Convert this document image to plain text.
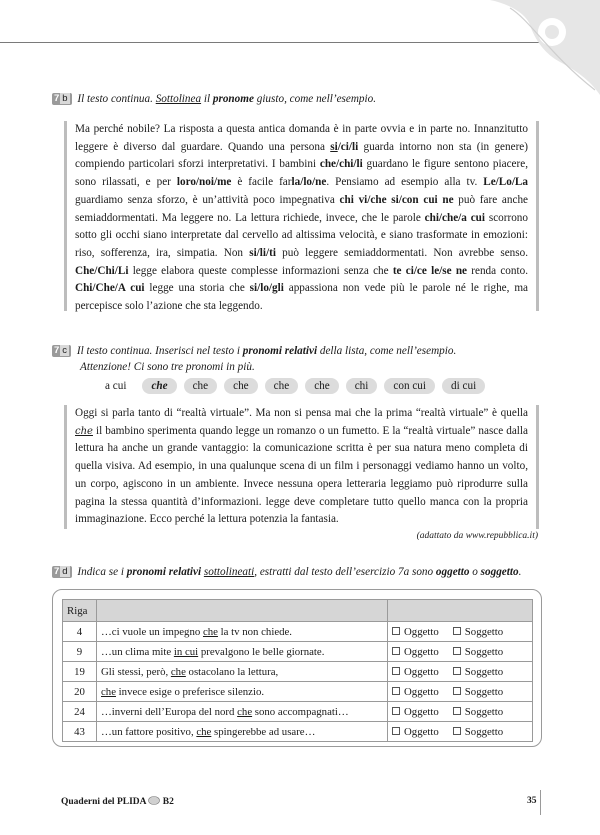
7 b Il testo continua. Sottolinea il pronome giusto, come nell’esempio.
Ma perché nobile? La risposta a questa antica domanda è in parte ovvia e in parte no. Innanzitutto leggere è diverso dal guardare. Quando una persona si/ci/li guarda intorno non sta (in genere) compiendo particolari sforzi interpretativi. I bambini che/chi/li guardano le figure sentono piacere, sono rilassati, e per loro/noi/me è facile farla/lo/ne. Pensiamo ad esempio alla tv. Le/Lo/La guardiamo senza sforzo, è un’attività poco impegnativa chi vi/che si/con cui ne può fare anche semiaddormentati. Ma leggere no. La lettura richiede, invece, che le parole chi/che/a cui scorrono sotto gli occhi siano interpretate dal cervello ad altissima velocità, e siano trasformate in emozioni: riso, sofferenza, ira, simpatia. Non si/li/ti può leggere semiaddormentati. Non avrebbe senso. Che/Chi/Li legge elabora queste complesse informazioni senza che te ci/ce le/se ne renda conto. Chi/Che/A cui legge una storia che si/lo/gli appassiona non vede più le parole né le righe, ma percepisce solo l’azione che sta leggendo.
7 c Il testo continua. Inserisci nel testo i pronomi relativi della lista, come nell’esempio.
Attenzione! Ci sono tre pronomi in più.
a cui	che	che	che	che	che	chi	con cui	di cui
Oggi si parla tanto di “realtà virtuale”. Ma non si pensa mai che la prima “realtà virtuale” è quella che il bambino sperimenta quando legge un romanzo o un fumetto. E la “realtà virtuale” nasce dalla lettura ha anche un grande vantaggio: la comunicazione scritta è per sua natura meno completa di quella visiva. Ad esempio, in una qualunque scena di un film i personaggi vediamo hanno un volto, un corpo, agiscono in un ambiente. Invece nessuna opera letteraria leggiamo può riprodurre sulla pagina la stessa quantità d’informazioni. legge deve completare tutto quello manca con la propria immaginazione. Ecco perché la lettura potenzia la fantasia.
(adattato da www.repubblica.it)
7 d Indica se i pronomi relativi sottolineati, estratti dal testo dell’esercizio 7a sono oggetto o soggetto.
Riga		
4	…ci vuole un impegno che la tv non chiede.	Oggetto Soggetto
9	…un clima mite in cui prevalgono le belle giornate.	Oggetto Soggetto
19	Gli stessi, però, che ostacolano la lettura,	Oggetto Soggetto
20	che invece esige o preferisce silenzio.	Oggetto Soggetto
24	…inverni dell’Europa del nord che sono accompagnati…	Oggetto Soggetto
43	…un fattore positivo, che spingerebbe ad usare…	Oggetto Soggetto
Quaderni del PLIDA B2	35
